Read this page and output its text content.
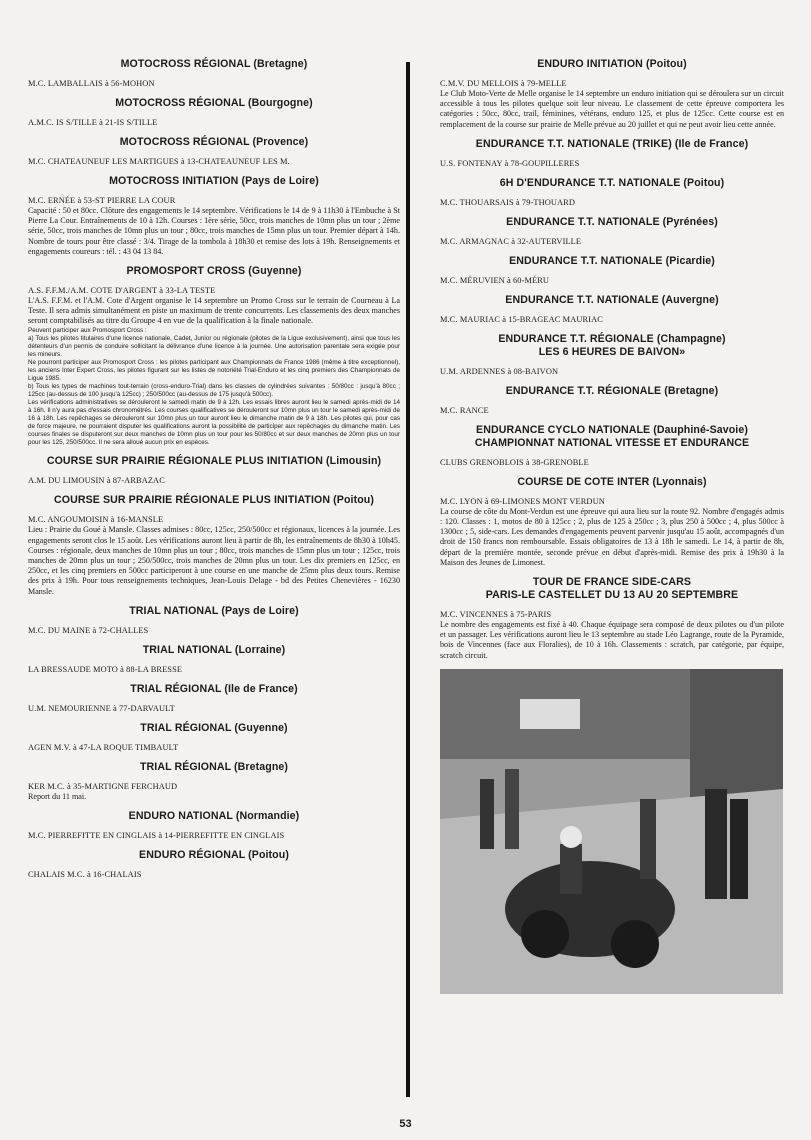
MOTOCROSS RÉGIONAL (Bretagne)
M.C. LAMBALLAIS à 56-MOHON
MOTOCROSS RÉGIONAL (Bourgogne)
A.M.C. IS S/TILLE à 21-IS S/TILLE
MOTOCROSS RÉGIONAL (Provence)
M.C. CHATEAUNEUF LES MARTIGUES à 13-CHATEAUNEUF LES M.
MOTOCROSS INITIATION (Pays de Loire)
M.C. ERNÉE à 53-ST PIERRE LA COUR
Capacité : 50 et 80cc. Clôture des engagements le 14 septembre. Vérifications le 14 de 9 à 11h30 à l'Embuche à St Pierre La Cour. Entraînements de 10 à 12h. Courses : 1ère série, 50cc, trois manches de 10mn plus un tour ; 2ème série, 50cc, trois manches de 10mn plus un tour ; 80cc, trois manches de 15mn plus un tour. Premier départ à 14h. Nombre de tours pour être classé : 3/4. Tirage de la tombola à 18h30 et remise des lots à 19h. Renseignements et engagements coureurs : tél. : 43 04 13 84.
PROMOSPORT CROSS (Guyenne)
A.S. F.F.M./A.M. COTE D'ARGENT à 33-LA TESTE
L'A.S. F.F.M. et l'A.M. Cote d'Argent organise le 14 septembre un Promo Cross sur le terrain de Courneau à La Teste. Il sera admis simultanément en piste un maximum de trente concurrents. Les classements des deux manches seront comptabilisés au titre du Groupe 4 en vue de la qualification à la finale nationale.
Peuvent participer aux Promosport Cross :
a) Tous les pilotes titulaires d'une licence nationale, Cadet, Junior ou régionale (pilotes de la Ligue exclusivement), ainsi que tous les détenteurs d'un permis de conduire sollicitant la délivrance d'une licence à la journée. Une autorisation parentale sera exigée pour les mineurs.
Ne pourront participer aux Promosport Cross : les pilotes participant aux Championnats de France 1986 (même à titre exceptionnel), les anciens Inter Expert Cross, les pilotes figurant sur les listes de notoriété Trial-Enduro et les cinq premiers des Championnats de Ligue 1985.
b) Tous les types de machines tout-terrain (cross-enduro-Trial) dans les classes de cylindrées suivantes : 50/80cc : jusqu'à 80cc ; 125cc (au-dessus de 100 jusqu'à 125cc) ; 250/500cc (au-dessus de 175 jusqu'à 500cc).
Les vérifications administratives se dérouleront le samedi matin de 9 à 12h. Les essais libres auront lieu le samedi après-midi de 14 à 16h. Il n'y aura pas d'essais chronométrés. Les courses qualificatives se dérouleront sur 10mn plus un tour le samedi après-midi de 16 à 18h. Les repêchages se dérouleront sur 10mn plus un tour auront lieu le dimanche matin de 9 à 18h. Les pilotes qui, pour cas de force majeure, ne pourraient disputer les qualifications auront la possibilité de participer aux repêchages du dimanche matin. Les courses finales se disputeront sur deux manches de 10mn plus un tour pour les 50/80cc et sur deux manches de 20mn plus un tour pour les 125, 250/500cc. Il ne sera alloué aucun prix en espèces.
COURSE SUR PRAIRIE RÉGIONALE PLUS INITIATION (Limousin)
A.M. DU LIMOUSIN à 87-ARBAZAC
COURSE SUR PRAIRIE RÉGIONALE PLUS INITIATION (Poitou)
M.C. ANGOUMOISIN à 16-MANSLE
Lieu : Prairie du Goué à Mansle. Classes admises : 80cc, 125cc, 250/500cc et régionaux, licences à la journée. Les engagements seront clos le 15 août. Les vérifications auront lieu à partir de 8h, les entraînements de 8h30 à 10h45. Courses : régionale, deux manches de 10mn plus un tour ; 80cc, trois manches de 15mn plus un tour ; 125cc, trois manches de 20mn plus un tour ; 250/500cc, trois manches de 20mn plus un tour. Les dix premiers en 125cc, en 250cc, et les cinq premiers en 500cc participeront à une course en une manche de 25mn plus deux tours. Remise des prix à 19h. Pour tous renseignements techniques, Jean-Louis Delage - bd des Petites Chenevières - 16230 Mansle.
TRIAL NATIONAL (Pays de Loire)
M.C. DU MAINE à 72-CHALLES
TRIAL NATIONAL (Lorraine)
LA BRESSAUDE MOTO à 88-LA BRESSE
TRIAL RÉGIONAL (Ile de France)
U.M. NEMOURIENNE à 77-DARVAULT
TRIAL RÉGIONAL (Guyenne)
AGEN M.V. à 47-LA ROQUE TIMBAULT
TRIAL RÉGIONAL (Bretagne)
KER M.C. à 35-MARTIGNE FERCHAUD
Report du 11 mai.
ENDURO NATIONAL (Normandie)
M.C. PIERREFITTE EN CINGLAIS à 14-PIERREFITTE EN CINGLAIS
ENDURO RÉGIONAL (Poitou)
CHALAIS M.C. à 16-CHALAIS
ENDURO INITIATION (Poitou)
C.M.V. DU MELLOIS à 79-MELLE
Le Club Moto-Verte de Melle organise le 14 septembre un enduro initiation qui se déroulera sur un circuit accessible à tous les pilotes quelque soit leur niveau. Le classement de cette épreuve comportera les catégories : 50cc, 80cc, trail, féminines, vétérans, enduro 125, et plus de 125cc. Cette course est en remplacement de la course sur prairie de Melle prévue au 20 juillet et qui ne peut avoir lieu cette année.
ENDURANCE T.T. NATIONALE (TRIKE) (Ile de France)
U.S. FONTENAY à 78-GOUPILLERES
6H D'ENDURANCE T.T. NATIONALE (Poitou)
M.C. THOUARSAIS à 79-THOUARD
ENDURANCE T.T. NATIONALE (Pyrénées)
M.C. ARMAGNAC à 32-AUTERVILLE
ENDURANCE T.T. NATIONALE (Picardie)
M.C. MÉRUVIEN à 60-MÉRU
ENDURANCE T.T. NATIONALE (Auvergne)
M.C. MAURIAC à 15-BRAGEAC MAURIAC
ENDURANCE T.T. RÉGIONALE (Champagne)
LES 6 HEURES DE BAIVON»
U.M. ARDENNES à 08-BAIVON
ENDURANCE T.T. RÉGIONALE (Bretagne)
M.C. RANCE
ENDURANCE CYCLO NATIONALE (Dauphiné-Savoie)
CHAMPIONNAT NATIONAL VITESSE ET ENDURANCE
CLUBS GRENOBLOIS à 38-GRENOBLE
COURSE DE COTE INTER (Lyonnais)
M.C. LYON à 69-LIMONES MONT VERDUN
La course de côte du Mont-Verdun est une épreuve qui aura lieu sur la route 92. Nombre d'engagés admis : 120. Classes : 1, motos de 80 à 125cc ; 2, plus de 125 à 250cc ; 3, plus 250 à 500cc ; 4, plus 500cc à 1300cc ; 5, side-cars. Les demandes d'engagements peuvent parvenir jusqu'au 15 août, accompagnés d'un droit de 150 francs non remboursable. Essais obligatoires de 13 à 18h le samedi. Le 14, à partir de 8h, départ de la première montée, seconde prévue en début d'après-midi. Remise des prix à 19h30 à la Maison des Jeunes de Limonest.
TOUR DE FRANCE SIDE-CARS
PARIS-LE CASTELLET DU 13 AU 20 SEPTEMBRE
M.C. VINCENNES à 75-PARIS
Le nombre des engagements est fixé à 40. Chaque équipage sera composé de deux pilotes ou d'un pilote et un passager. Les vérifications auront lieu le 13 septembre au stade Léo Lagrange, route de la Pyramide, bois de Vincennes (face aux Floralies), de 10 à 16h. Classements : scratch, par catégorie, par équipe, scratch circuit.
53
